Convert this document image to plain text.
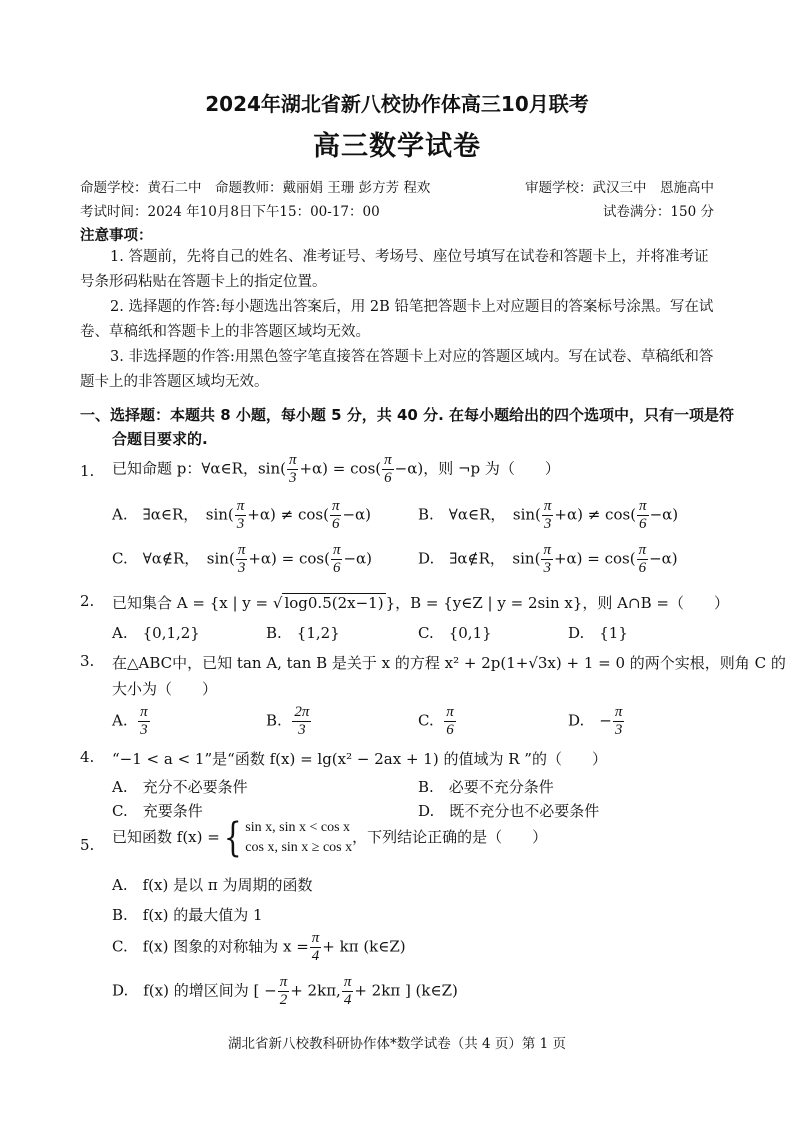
2024年湖北省新八校协作体高三10月联考
高三数学试卷
命题学校：黄石二中　命题教师：戴丽娟 王珊 彭方芳 程欢	审题学校：武汉三中　恩施高中
考试时间：2024 年10月8日下午15：00-17：00	试卷满分：150 分
注意事项：
1. 答题前，先将自己的姓名、准考证号、考场号、座位号填写在试卷和答题卡上，并将准考证号条形码粘贴在答题卡上的指定位置。
2. 选择题的作答:每小题选出答案后，用 2B 铅笔把答题卡上对应题目的答案标号涂黑。写在试卷、草稿纸和答题卡上的非答题区域均无效。
3. 非选择题的作答:用黑色签字笔直接答在答题卡上对应的答题区域内。写在试卷、草稿纸和答题卡上的非答题区域均无效。
一、选择题：本题共 8 小题，每小题 5 分，共 40 分. 在每小题给出的四个选项中，只有一项是符
合题目要求的.
1. 已知命题 p：∀α∈R，$\sin( \frac{\pi}{3} +\alpha) = \cos( \frac{\pi}{6} -\alpha)$，则 ¬p 为（　　）
A.　∃α∈R，　$\sin( \frac{\pi}{3} +\alpha) \ne \cos( \frac{\pi}{6} -\alpha)$	B.　∀α∈R，　$\sin( \frac{\pi}{3} +\alpha) \ne \cos( \frac{\pi}{6} -\alpha)$
C.　∀α∉R，　$\sin( \frac{\pi}{3} +\alpha) = \cos( \frac{\pi}{6} -\alpha)$	D.　∃α∉R，　$\sin( \frac{\pi}{3} +\alpha) = \cos( \frac{\pi}{6} -\alpha)$
2. 已知集合 A = {x | y = √ log0.5(2x−1) }，B = {y∈Z | y = 2sin x}，则 A∩B =（　　）
A.　{0,1,2}	B.　{1,2}	C.　{0,1}	D.　{1}
3. 在△ABC中，已知 tan A, tan B 是关于 x 的方程 x² + 2p(1+√3x) + 1 = 0 的两个实根，则角 C 的
大小为（　　）
A. $\frac{\pi}{3}$	B. $\frac{2\pi}{3}$	C. $\frac{\pi}{6}$	D.　− $\frac{\pi}{3}$
4. “−1 < a < 1”是“函数 f(x) = lg(x² − 2ax + 1) 的值域为 R ”的（　　）
A.　充分不必要条件	B.　必要不充分条件
C.　充要条件	D.　既不充分也不必要条件
5. 已知函数 f(x) ={ sin x, sin x < cos x
cos x, sin x ≥ cos x
，下列结论正确的是（　　）
A.　f(x) 是以 π 为周期的函数
B.　f(x) 的最大值为 1
C.　f(x) 图象的对称轴为 $x = \frac{\pi}{4} + k\pi$ (k∈Z)
D.　f(x) 的增区间为 [ − $\frac{\pi}{2} + 2k\pi$, $\frac{\pi}{4} + 2k\pi$ ] (k∈Z)
湖北省新八校教科研协作体*数学试卷（共 4 页）第 1 页
